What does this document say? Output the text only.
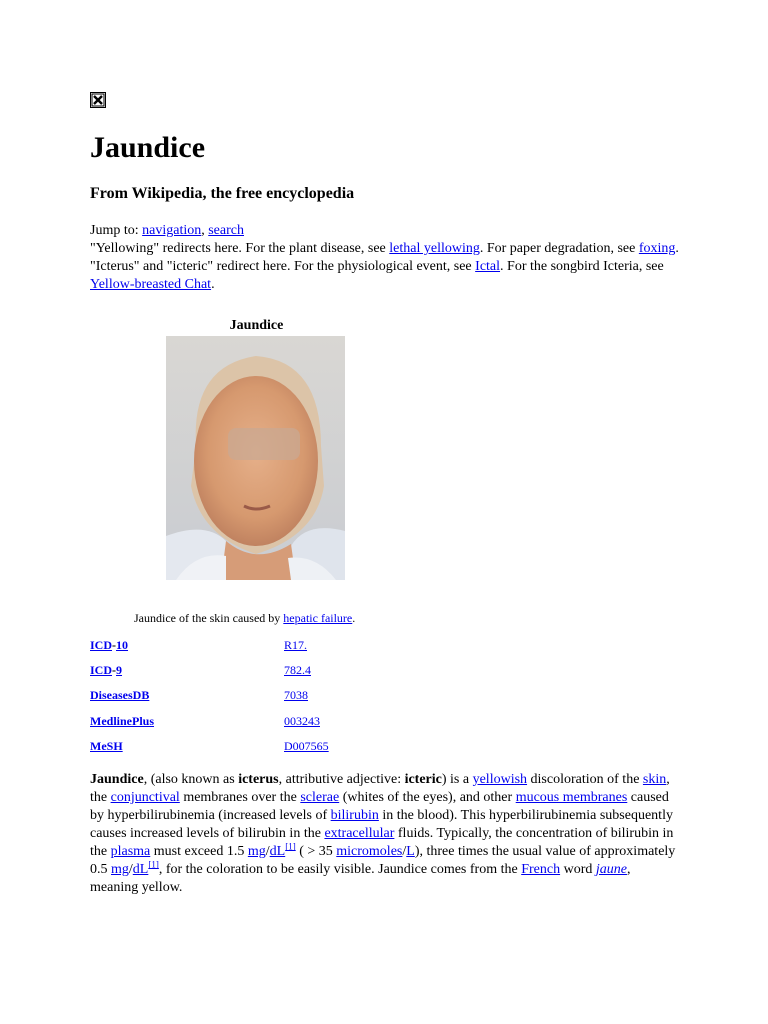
Jaundice
From Wikipedia, the free encyclopedia
Jump to: navigation, search
"Yellowing" redirects here. For the plant disease, see lethal yellowing. For paper degradation, see foxing.
"Icterus" and "icteric" redirect here. For the physiological event, see Ictal. For the songbird Icteria, see Yellow-breasted Chat.
Jaundice
Jaundice of the skin caused by hepatic failure.
ICD-10	R17.
ICD-9	782.4
DiseasesDB	7038
MedlinePlus	003243
MeSH	D007565
Jaundice, (also known as icterus, attributive adjective: icteric) is a yellowish discoloration of the skin, the conjunctival membranes over the sclerae (whites of the eyes), and other mucous membranes caused by hyperbilirubinemia (increased levels of bilirubin in the blood). This hyperbilirubinemia subsequently causes increased levels of bilirubin in the extracellular fluids. Typically, the concentration of bilirubin in the plasma must exceed 1.5 mg/dL[1] ( > 35 micromoles/L), three times the usual value of approximately 0.5 mg/dL[1], for the coloration to be easily visible. Jaundice comes from the French word jaune, meaning yellow.
